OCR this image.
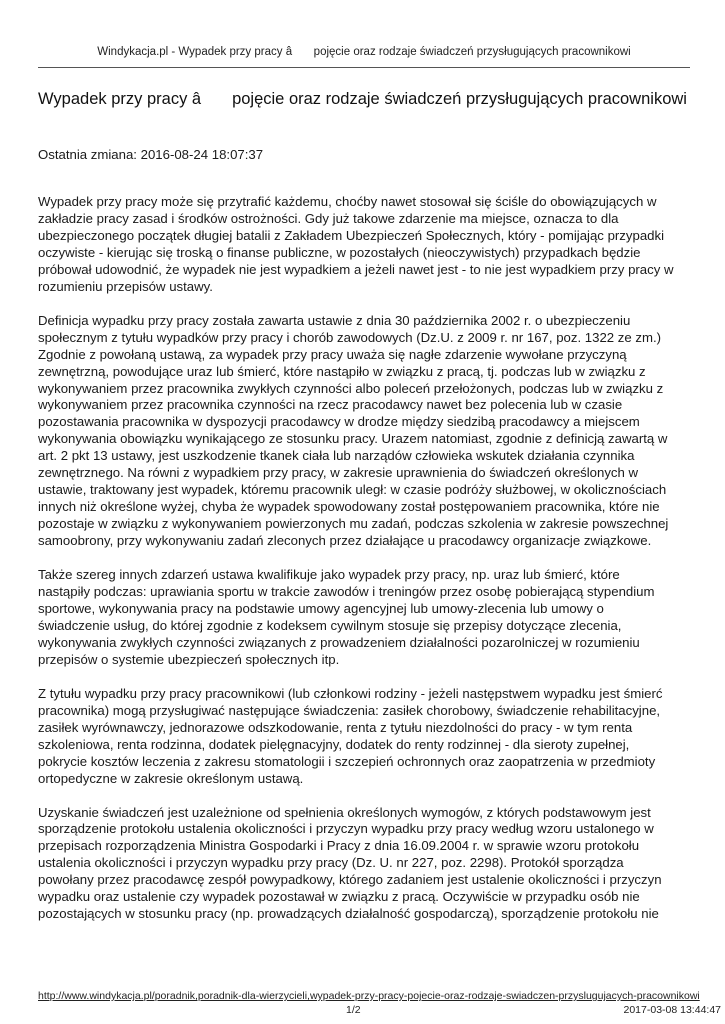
Windykacja.pl - Wypadek przy pracy â pojęcie oraz rodzaje świadczeń przysługujących pracownikowi
Wypadek przy pracy â pojęcie oraz rodzaje świadczeń przysługujących pracownikowi
Ostatnia zmiana: 2016-08-24 18:07:37

Wypadek przy pracy może się przytrafić każdemu, choćby nawet stosował się ściśle do obowiązujących w
zakładzie pracy zasad i środków ostrożności. Gdy już takowe zdarzenie ma miejsce, oznacza to dla
ubezpieczonego początek długiej batalii z Zakładem Ubezpieczeń Społecznych, który - pomijając przypadki
oczywiste - kierując się troską o finanse publiczne, w pozostałych (nieoczywistych) przypadkach będzie
próbował udowodnić, że wypadek nie jest wypadkiem a jeżeli nawet jest - to nie jest wypadkiem przy pracy w
rozumieniu przepisów ustawy.

Definicja wypadku przy pracy została zawarta ustawie z dnia 30 października 2002 r. o ubezpieczeniu
społecznym z tytułu wypadków przy pracy i chorób zawodowych (Dz.U. z 2009 r. nr 167, poz. 1322 ze zm.)
Zgodnie z powołaną ustawą, za wypadek przy pracy uważa się nagłe zdarzenie wywołane przyczyną
zewnętrzną, powodujące uraz lub śmierć, które nastąpiło w związku z pracą, tj. podczas lub w związku z
wykonywaniem przez pracownika zwykłych czynności albo poleceń przełożonych, podczas lub w związku z
wykonywaniem przez pracownika czynności na rzecz pracodawcy nawet bez polecenia lub w czasie
pozostawania pracownika w dyspozycji pracodawcy w drodze między siedzibą pracodawcy a miejscem
wykonywania obowiązku wynikającego ze stosunku pracy. Urazem natomiast, zgodnie z definicją zawartą w
art. 2 pkt 13 ustawy, jest uszkodzenie tkanek ciała lub narządów człowieka wskutek działania czynnika
zewnętrznego. Na równi z wypadkiem przy pracy, w zakresie uprawnienia do świadczeń określonych w
ustawie, traktowany jest wypadek, któremu pracownik uległ: w czasie podróży służbowej, w okolicznościach
innych niż określone wyżej, chyba że wypadek spowodowany został postępowaniem pracownika, które nie
pozostaje w związku z wykonywaniem powierzonych mu zadań, podczas szkolenia w zakresie powszechnej
samoobrony, przy wykonywaniu zadań zleconych przez działające u pracodawcy organizacje związkowe.

Także szereg innych zdarzeń ustawa kwalifikuje jako wypadek przy pracy, np. uraz lub śmierć, które
nastąpiły podczas: uprawiania sportu w trakcie zawodów i treningów przez osobę pobierającą stypendium
sportowe, wykonywania pracy na podstawie umowy agencyjnej lub umowy-zlecenia lub umowy o
świadczenie usług, do której zgodnie z kodeksem cywilnym stosuje się przepisy dotyczące zlecenia,
wykonywania zwykłych czynności związanych z prowadzeniem działalności pozarolniczej w rozumieniu
przepisów o systemie ubezpieczeń społecznych itp.

Z tytułu wypadku przy pracy pracownikowi (lub członkowi rodziny - jeżeli następstwem wypadku jest śmierć
pracownika) mogą przysługiwać następujące świadczenia: zasiłek chorobowy, świadczenie rehabilitacyjne,
zasiłek wyrównawczy, jednorazowe odszkodowanie, renta z tytułu niezdolności do pracy - w tym renta
szkoleniowa, renta rodzinna, dodatek pielęgnacyjny, dodatek do renty rodzinnej - dla sieroty zupełnej,
pokrycie kosztów leczenia z zakresu stomatologii i szczepień ochronnych oraz zaopatrzenia w przedmioty
ortopedyczne w zakresie określonym ustawą.

Uzyskanie świadczeń jest uzależnione od spełnienia określonych wymogów, z których podstawowym jest
sporządzenie protokołu ustalenia okoliczności i przyczyn wypadku przy pracy według wzoru ustalonego w
przepisach rozporządzenia Ministra Gospodarki i Pracy z dnia 16.09.2004 r. w sprawie wzoru protokołu
ustalenia okoliczności i przyczyn wypadku przy pracy (Dz. U. nr 227, poz. 2298). Protokół sporządza
powołany przez pracodawcę zespół powypadkowy, którego zadaniem jest ustalenie okoliczności i przyczyn
wypadku oraz ustalenie czy wypadek pozostawał w związku z pracą. Oczywiście w przypadku osób nie
pozostających w stosunku pracy (np. prowadzących działalność gospodarczą), sporządzenie protokołu nie

http://www.windykacja.pl/poradnik,poradnik-dla-wierzycieli,wypadek-przy-pracy-pojecie-oraz-rodzaje-swiadczen-przyslugujacych-pracownikowi
1/2	2017-03-08 13:44:47
